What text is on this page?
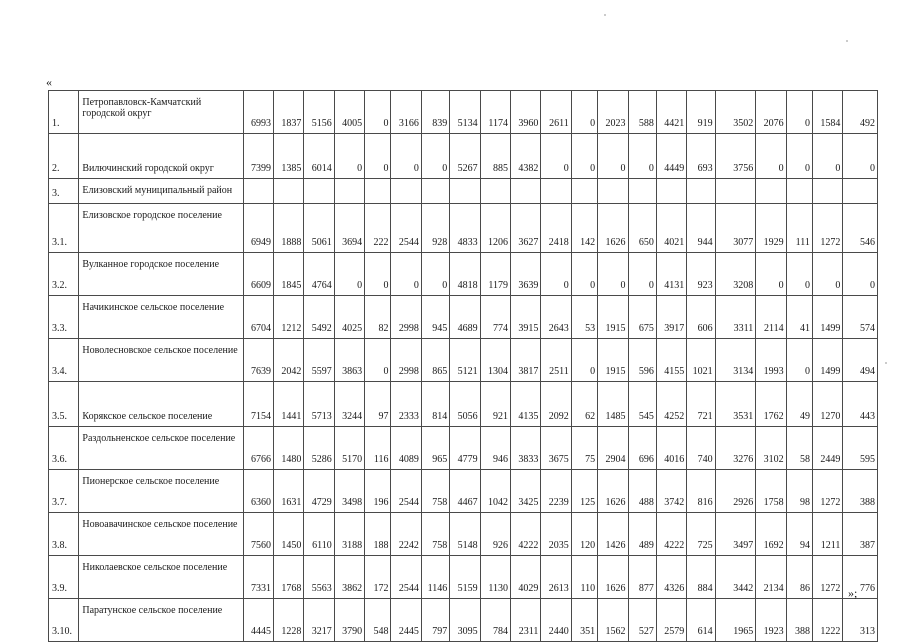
«
1.	Петропавловск-Камчатский городской округ	6993	1837	5156	4005	0	3166	839	5134	1174	3960	2611	0	2023	588	4421	919	3502	2076	0	1584	492
2.	Вилючинский городской округ	7399	1385	6014	0	0	0	0	5267	885	4382	0	0	0	0	4449	693	3756	0	0	0	0
3.	Елизовский муниципальный район																					
3.1.	Елизовское городское поселение	6949	1888	5061	3694	222	2544	928	4833	1206	3627	2418	142	1626	650	4021	944	3077	1929	111	1272	546
3.2.	Вулканное городское поселение	6609	1845	4764	0	0	0	0	4818	1179	3639	0	0	0	0	4131	923	3208	0	0	0	0
3.3.	Начикинское сельское поселение	6704	1212	5492	4025	82	2998	945	4689	774	3915	2643	53	1915	675	3917	606	3311	2114	41	1499	574
3.4.	Новолесновское сельское поселение	7639	2042	5597	3863	0	2998	865	5121	1304	3817	2511	0	1915	596	4155	1021	3134	1993	0	1499	494
3.5.	Корякское сельское поселение	7154	1441	5713	3244	97	2333	814	5056	921	4135	2092	62	1485	545	4252	721	3531	1762	49	1270	443
3.6.	Раздольненское сельское поселение	6766	1480	5286	5170	116	4089	965	4779	946	3833	3675	75	2904	696	4016	740	3276	3102	58	2449	595
3.7.	Пионерское сельское поселение	6360	1631	4729	3498	196	2544	758	4467	1042	3425	2239	125	1626	488	3742	816	2926	1758	98	1272	388
3.8.	Новоавачинское сельское поселение	7560	1450	6110	3188	188	2242	758	5148	926	4222	2035	120	1426	489	4222	725	3497	1692	94	1211	387
3.9.	Николаевское сельское поселение	7331	1768	5563	3862	172	2544	1146	5159	1130	4029	2613	110	1626	877	4326	884	3442	2134	86	1272	776
3.10.	Паратунское сельское поселение	4445	1228	3217	3790	548	2445	797	3095	784	2311	2440	351	1562	527	2579	614	1965	1923	388	1222	313
»;
